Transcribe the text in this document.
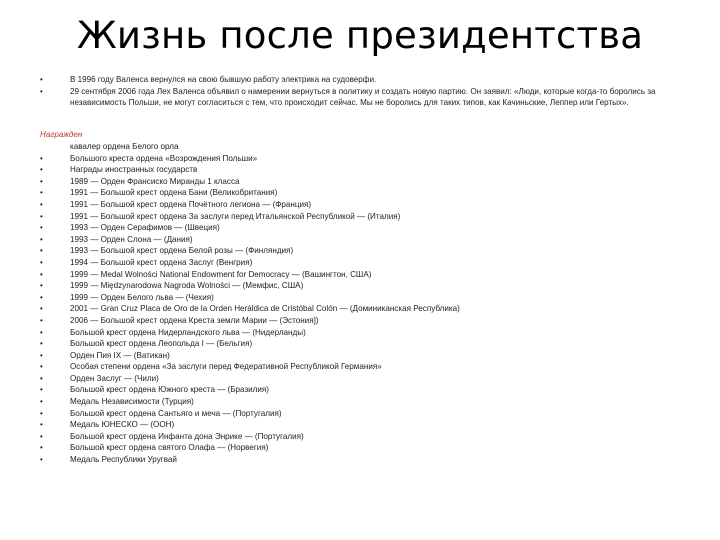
Жизнь после президентства
•	В 1996 году Валенса вернулся на свою бывшую работу электрика на судоверфи.
•	29 сентября 2006 года Лех Валенса объявил о намерении вернуться в политику и создать новую партию. Он заявил: «Люди, которые когда-то боролись за независимость Польши, не могут согласиться с тем, что происходит сейчас. Мы не боролись для таких типов, как Качиньские, Леппер или Гертых».
Награжден
кавалер ордена Белого орла
•	Большого креста ордена «Возрождения Польши»
•	Награды иностранных государств
•	1989 — Орден Франсиско Миранды 1 класса
•	1991 — Большой крест ордена Бани (Великобритания)
•	1991 — Большой крест ордена Почётного легиона — (Франция)
•	1991 — Большой крест ордена За заслуги перед Итальянской Республикой — (Италия)
•	1993 — Орден Серафимов — (Швеция)
•	1993 — Орден Слона — (Дания)
•	1993 — Большой крест ордена Белой розы — (Финляндия)
•	1994 — Большой крест ордена Заслуг (Венгрия)
•	1999 — Medal Wolności National Endowment for Democracy — (Вашингтон, США)
•	1999 — Międzynarodowa Nagroda Wolności — (Мемфис, США)
•	1999 — Орден Белого льва — (Чехия)
•	2001 — Gran Cruz Placa de Oro de la Orden Heráldica de Cristóbal Colón — (Доминиканская Республика)
•	2006 — Большой крест ордена Креста земли Марии — (Эстония])
•	Большой крест ордена Нидерландского льва — (Нидерланды)
•	Большой крест ордена Леопольда I — (Бельгия)
•	Орден Пия IX — (Ватикан)
•	Особая степени ордена «За заслуги перед Федеративной Республикой Германия»
•	Орден Заслуг — (Чили)
•	Большой крест ордена Южного креста — (Бразилия)
•	Медаль Независимости (Турция)
•	Большой крест ордена Сантьяго и меча — (Португалия)
•	Медаль ЮНЕСКО — (ООН)
•	Большой крест ордена Инфанта дона Энрике — (Португалия)
•	Большой крест ордена святого Олафа — (Норвегия)
•	Медаль Республики Уругвай
